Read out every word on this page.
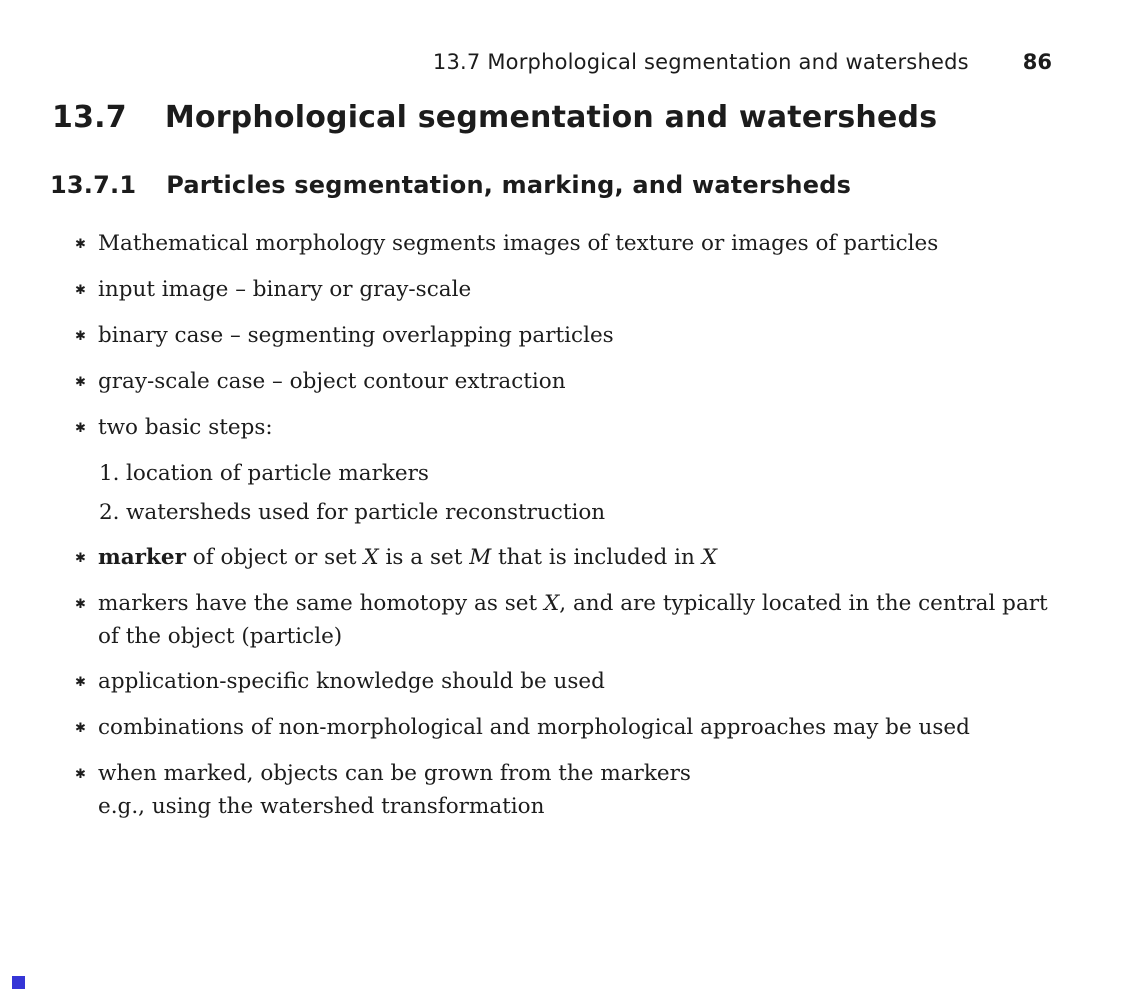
13.7 Morphological segmentation and watersheds	86
13.7 Morphological segmentation and watersheds
13.7.1 Particles segmentation, marking, and watersheds
✱ Mathematical morphology segments images of texture or images of particles
✱ input image – binary or gray-scale
✱ binary case – segmenting overlapping particles
✱ gray-scale case – object contour extraction
✱ two basic steps:
1. location of particle markers
2. watersheds used for particle reconstruction
✱ marker of object or set X is a set M that is included in X
✱ markers have the same homotopy as set X, and are typically located in the central part of the object (particle)
✱ application-specific knowledge should be used
✱ combinations of non-morphological and morphological approaches may be used
✱ when marked, objects can be grown from the markers
e.g., using the watershed transformation
